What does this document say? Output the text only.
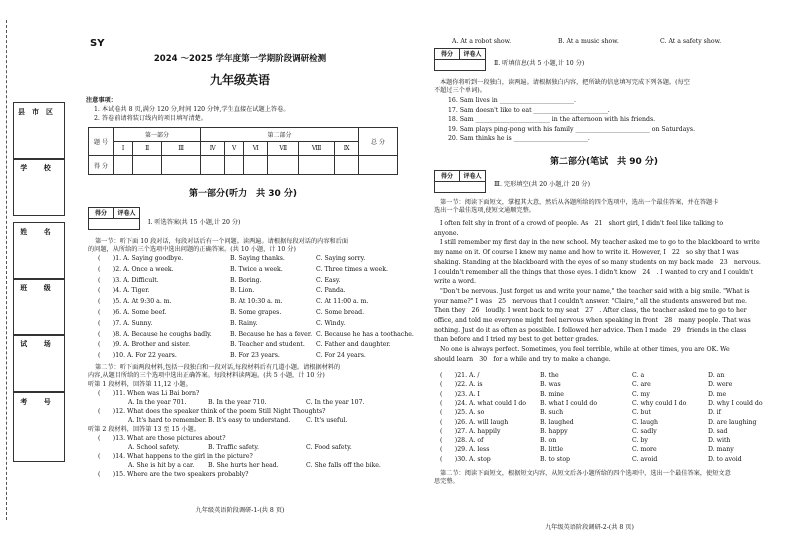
县市区
学 校
姓 名
班 级
试 场
考 号
SY
2024 ～2025 学年度第一学期阶段调研检测
九年级英语
注意事项：
1. 本试卷共 8 页,满分 120 分,时间 120 分钟,学生直接在试题上答卷。
2. 答卷前请将装订线内的项目填写清楚。
题 号	第一部分			第二部分						总 分
	Ⅰ	Ⅱ	Ⅲ	Ⅳ	Ⅴ	Ⅵ	Ⅶ	Ⅷ	Ⅸ	
得 分										
第一部分(听力　共 30 分)
得分	评卷人
Ⅰ. 听选答案(共 15 小题,计 20 分)
第一节：听下面 10 段对话，每段对话后有一个问题。读两遍。请根据每段对话的内容和后面
的问题，从所给的三个选项中选出问题的正确答案。(共 10 小题，计 10 分)
(　　)1. A. Saying goodbye.	B. Saying thanks.	C. Saying sorry.
(　　)2. A. Once a week.	B. Twice a week.	C. Three times a week.
(　　)3. A. Difficult.	B. Boring.	C. Easy.
(　　)4. A. Tiger.	B. Lion.	C. Panda.
(　　)5. A. At 9:30 a. m.	B. At 10:30 a. m.	C. At 11:00 a. m.
(　　)6. A. Some beef.	B. Some grapes.	C. Some bread.
(　　)7. A. Sunny.	B. Rainy.	C. Windy.
(　　)8. A. Because he coughs badly.	B. Because he has a fever. C. Because he has a toothache.
(　　)9. A. Brother and sister.	B. Teacher and student. C. Father and daughter.
(　　)10. A. For 22 years.	B. For 23 years.	C. For 24 years.
第二节：听下面两段材料,包括一段独白和一段对话,每段材料后有几道小题。请根据材料的
内容,从题目所给的三个选项中选出正确答案。每段材料读两遍。(共 5 小题，计 10 分)
听第 1 段材料，回答第 11,12 小题。
(　　)11. When was Li Bai born?
A. In the year 701.	B. In the year 710.	C. In the year 107.
(　　)12. What does the speaker think of the poem Still Night Thoughts?
A. It's hard to remember. B. It's easy to understand.	C. It's useful.
听第 2 段材料，回答第 13 至 15 小题。
(　　)13. What are those pictures about?
A. School safety.	B. Traffic safety.	C. Food safety.
(　　)14. What happens to the girl in the picture?
A. She is hit by a car. B. She hurts her head.	C. She falls off the bike.
(　　)15. Where are the two speakers probably?
九年级英语阶段调研-1-(共 8 页)
A. At a robot show.	B. At a music show.	C. At a safety show.
得分	评卷人
Ⅱ. 听填信息(共 5 小题,计 10 分)
本题你将听到一段独白，读两遍。请根据独白内容，把所缺的信息填写完成下列各题。(每空
不超过三个单词)。
16. Sam lives in ________________________.
17. Sam doesn't like to eat ________________________.
18. Sam ________________________ in the afternoon with his friends.
19. Sam plays ping-pong with his family ________________________ on Saturdays.
20. Sam thinks he is ________________________.
第二部分(笔试　共 90 分)
得分	评卷人
Ⅲ. 完形填空(共 20 小题,计 20 分)
第一节：阅读下面短文，掌握其大意，然后从各题所给的四个选项中，选出一个最佳答案，并在答题卡
选出一个最佳选项,使短文通顺完整。
I often felt shy in front of a crowd of people. As　21　short girl, I didn't feel like talking to
anyone.
I still remember my first day in the new school. My teacher asked me to go to the blackboard to write
my name on it. Of course I knew my name and how to write it. However, I　22　so shy that I was
shaking. Standing at the blackboard with the eyes of so many students on my back made　23　nervous.
I couldn't remember all the things that those eyes. I didn't know　24　. I wanted to cry and I couldn't
write a word.
"Don't be nervous. Just forget us and write your name," the teacher said with a big smile. "What is
your name?" I was　25　nervous that I couldn't answer. "Claire," all the students answered but me.
Then they　26　loudly. I went back to my seat　27　. After class, the teacher asked me to go to her
office, and told me everyone might feel nervous when speaking in front　28　many people. That was
nothing. Just do it as often as possible. I followed her advice. Then I made　29　friends in the class
than before and I tried my best to get better grades.
No one is always perfect. Sometimes, you feel terrible, while at other times, you are OK. We
should learn　30　for a while and try to make a change.
(　　)21. A. /	B. the	C. a	D. an
(　　)22. A. is	B. was	C. are	D. were
(　　)23. A. I	B. mine	C. my	D. me
(　　)24. A. what could I do B. what I could do	C. why could I do	D. why I could do
(　　)25. A. so	B. such	C. but	D. if
(　　)26. A. will laugh	B. laughed	C. laugh	D. are laughing
(　　)27. A. happily	B. happy	C. sadly	D. sad
(　　)28. A. of	B. on	C. by	D. with
(　　)29. A. less	B. little	C. more	D. many
(　　)30. A. stop	B. to stop	C. avoid	D. to avoid
第二节：阅读下面短文，根据短文内容，从短文后各小题所给的四个选项中，选出一个最佳答案，使短文意
思完整。
九年级英语阶段调研-2-(共 8 页)
